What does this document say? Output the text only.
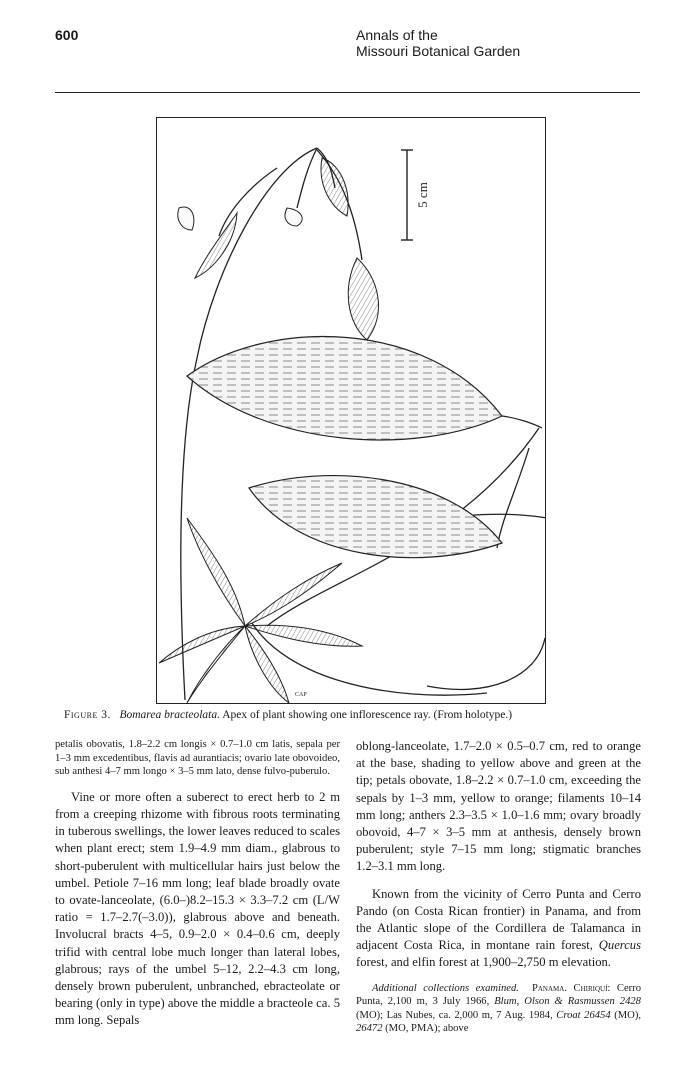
600	Annals of the
Missouri Botanical Garden
5 cm
CAP
Figure 3. Bomarea bracteolata. Apex of plant showing one inflorescence ray. (From holotype.)

petalis obovatis, 1.8–2.2 cm longis × 0.7–1.0 cm latis, sepala per 1–3 mm excedentibus, flavis ad aurantiacis; ovario late obovoideo, sub anthesi 4–7 mm longo × 3–5 mm lato, dense fulvo-puberulo.

Vine or more often a suberect to erect herb to 2 m from a creeping rhizome with fibrous roots terminating in tuberous swellings, the lower leaves reduced to scales when plant erect; stem 1.9–4.9 mm diam., glabrous to short-puberulent with multicellular hairs just below the umbel. Petiole 7–16 mm long; leaf blade broadly ovate to ovate-lanceolate, (6.0–)8.2–15.3 × 3.3–7.2 cm (L/W ratio = 1.7–2.7(–3.0)), glabrous above and beneath. Involucral bracts 4–5, 0.9–2.0 × 0.4–0.6 cm, deeply trifid with central lobe much longer than lateral lobes, glabrous; rays of the umbel 5–12, 2.2–4.3 cm long, densely brown puberulent, unbranched, ebracteolate or bearing (only in type) above the middle a bracteole ca. 5 mm long. Sepals

oblong-lanceolate, 1.7–2.0 × 0.5–0.7 cm, red to orange at the base, shading to yellow above and green at the tip; petals obovate, 1.8–2.2 × 0.7–1.0 cm, exceeding the sepals by 1–3 mm, yellow to orange; filaments 10–14 mm long; anthers 2.3–3.5 × 1.0–1.6 mm; ovary broadly obovoid, 4–7 × 3–5 mm at anthesis, densely brown puberulent; style 7–15 mm long; stigmatic branches 1.2–3.1 mm long.

Known from the vicinity of Cerro Punta and Cerro Pando (on Costa Rican frontier) in Panama, and from the Atlantic slope of the Cordillera de Talamanca in adjacent Costa Rica, in montane rain forest, Quercus forest, and elfin forest at 1,900–2,750 m elevation.

Additional collections examined. Panama. Chiriquí: Cerro Punta, 2,100 m, 3 July 1966, Blum, Olson & Rasmussen 2428 (MO); Las Nubes, ca. 2,000 m, 7 Aug. 1984, Croat 26454 (MO), 26472 (MO, PMA); above
